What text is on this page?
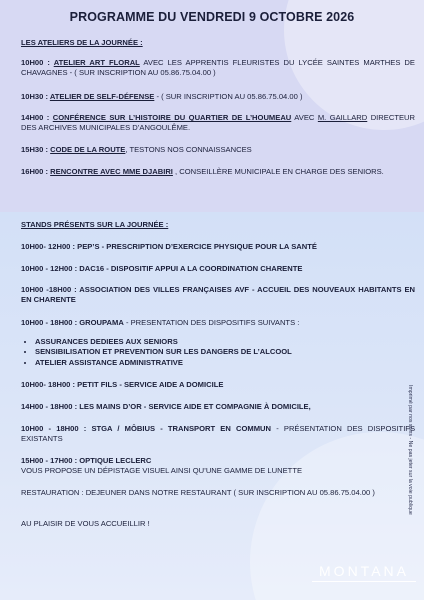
PROGRAMME DU VENDREDI 9 OCTOBRE 2026
LES ATELIERS DE LA JOURNÉE :
10H00 : ATELIER ART FLORAL AVEC LES APPRENTIS FLEURISTES DU LYCÉE SAINTES MARTHES DE CHAVAGNES - ( SUR INSCRIPTION AU 05.86.75.04.00 )
10H30 : ATELIER DE SELF-DÉFENSE - ( SUR INSCRIPTION AU 05.86.75.04.00 )
14H00 : CONFÉRENCE SUR L’HISTOIRE DU QUARTIER DE L’HOUMEAU AVEC M. GAILLARD DIRECTEUR DES ARCHIVES MUNICIPALES D’ANGOULÊME.
15H30 : CODE DE LA ROUTE, TESTONS NOS CONNAISSANCES
16H00 : RENCONTRE AVEC MME DJABIRI , CONSEILLÈRE MUNICIPALE EN CHARGE DES SENIORS.
STANDS PRÉSENTS SUR LA JOURNÉE :
10H00- 12H00 : PEP’S - PRESCRIPTION D’EXERCICE PHYSIQUE POUR LA SANTÉ
10H00 - 12H00 : DAC16 - DISPOSITIF APPUI A LA COORDINATION CHARENTE
10H00 -18H00 : ASSOCIATION DES VILLES FRANÇAISES AVF - ACCUEIL DES NOUVEAUX HABITANTS EN EN CHARENTE
10H00 - 18H00 : GROUPAMA - PRESENTATION DES DISPOSITIFS SUIVANTS :
• ASSURANCES DEDIEES AUX SENIORS
• SENSIBILISATION ET PREVENTION SUR LES DANGERS DE L’ALCOOL
• ATELIER ASSISTANCE ADMINISTRATIVE
10H00- 18H00 : PETIT FILS - SERVICE AIDE A DOMICILE
14H00 - 18H00 : LES MAINS D’OR - SERVICE AIDE ET COMPAGNIE À DOMICILE,
10H00 - 18H00 : STGA / MÔBIUS - TRANSPORT EN COMMUN - PRÉSENTATION DES DISPOSITIFS EXISTANTS
15H00 - 17H00 : OPTIQUE LECLERC
VOUS PROPOSE UN DÉPISTAGE VISUEL AINSI QU’UNE GAMME DE LUNETTE
RESTAURATION : DEJEUNER DANS NOTRE RESTAURANT ( SUR INSCRIPTION AU 05.86.75.04.00 )
AU PLAISIR DE VOUS ACCUEILLIR !
Imprimé par nos soins - Ne pas jeter sur la voie publique
MONTANA
